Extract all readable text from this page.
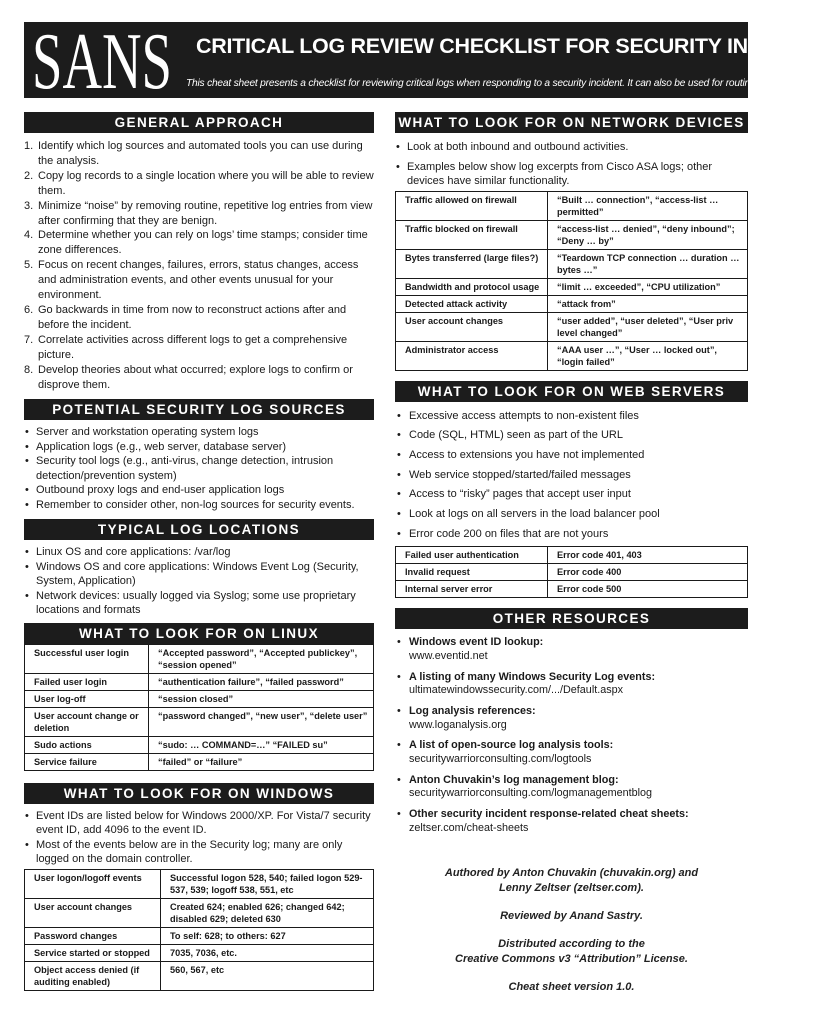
SANS CRITICAL LOG REVIEW CHECKLIST FOR SECURITY INCIDENTS
This cheat sheet presents a checklist for reviewing critical logs when responding to a security incident. It can also be used for routine log review.
GENERAL APPROACH
1. Identify which log sources and automated tools you can use during the analysis.
2. Copy log records to a single location where you will be able to review them.
3. Minimize “noise” by removing routine, repetitive log entries from view after confirming that they are benign.
4. Determine whether you can rely on logs’ time stamps; consider time zone differences.
5. Focus on recent changes, failures, errors, status changes, access and administration events, and other events unusual for your environment.
6. Go backwards in time from now to reconstruct actions after and before the incident.
7. Correlate activities across different logs to get a comprehensive picture.
8. Develop theories about what occurred; explore logs to confirm or disprove them.
POTENTIAL SECURITY LOG SOURCES
• Server and workstation operating system logs
• Application logs (e.g., web server, database server)
• Security tool logs (e.g., anti-virus, change detection, intrusion detection/prevention system)
• Outbound proxy logs and end-user application logs
• Remember to consider other, non-log sources for security events.
TYPICAL LOG LOCATIONS
• Linux OS and core applications: /var/log
• Windows OS and core applications: Windows Event Log (Security, System, Application)
• Network devices: usually logged via Syslog; some use proprietary locations and formats
WHAT TO LOOK FOR ON LINUX
Successful user login	“Accepted password”, “Accepted publickey”, “session opened”
Failed user login	“authentication failure”, “failed password”
User log-off	“session closed”
User account change or deletion	“password changed”, “new user”, “delete user”
Sudo actions	“sudo: … COMMAND=…” “FAILED su”
Service failure	“failed” or “failure”
WHAT TO LOOK FOR ON WINDOWS
• Event IDs are listed below for Windows 2000/XP. For Vista/7 security event ID, add 4096 to the event ID.
• Most of the events below are in the Security log; many are only logged on the domain controller.
User logon/logoff events	Successful logon 528, 540; failed logon 529-537, 539; logoff 538, 551, etc
User account changes	Created 624; enabled 626; changed 642; disabled 629; deleted 630
Password changes	To self: 628; to others: 627
Service started or stopped	7035, 7036, etc.
Object access denied (if auditing enabled)	560, 567, etc
WHAT TO LOOK FOR ON NETWORK DEVICES
• Look at both inbound and outbound activities.
• Examples below show log excerpts from Cisco ASA logs; other devices have similar functionality.
Traffic allowed on firewall	“Built … connection”, “access-list … permitted”
Traffic blocked on firewall	“access-list … denied”, “deny inbound”; “Deny … by”
Bytes transferred (large files?)	“Teardown TCP connection … duration … bytes …”
Bandwidth and protocol usage	“limit … exceeded”, “CPU utilization”
Detected attack activity	“attack from”
User account changes	“user added”, “user deleted”, “User priv level changed”
Administrator access	“AAA user …”, “User … locked out”, “login failed”
WHAT TO LOOK FOR ON WEB SERVERS
• Excessive access attempts to non-existent files
• Code (SQL, HTML) seen as part of the URL
• Access to extensions you have not implemented
• Web service stopped/started/failed messages
• Access to “risky” pages that accept user input
• Look at logs on all servers in the load balancer pool
• Error code 200 on files that are not yours
Failed user authentication	Error code 401, 403
Invalid request	Error code 400
Internal server error	Error code 500
OTHER RESOURCES
• Windows event ID lookup:
www.eventid.net
• A listing of many Windows Security Log events:
ultimatewindowssecurity.com/.../Default.aspx
• Log analysis references:
www.loganalysis.org
• A list of open-source log analysis tools:
securitywarriorconsulting.com/logtools
• Anton Chuvakin’s log management blog:
securitywarriorconsulting.com/logmanagementblog
• Other security incident response-related cheat sheets:
zeltser.com/cheat-sheets

Authored by Anton Chuvakin (chuvakin.org) and
Lenny Zeltser (zeltser.com).

Reviewed by Anand Sastry.

Distributed according to the
Creative Commons v3 “Attribution” License.

Cheat sheet version 1.0.
